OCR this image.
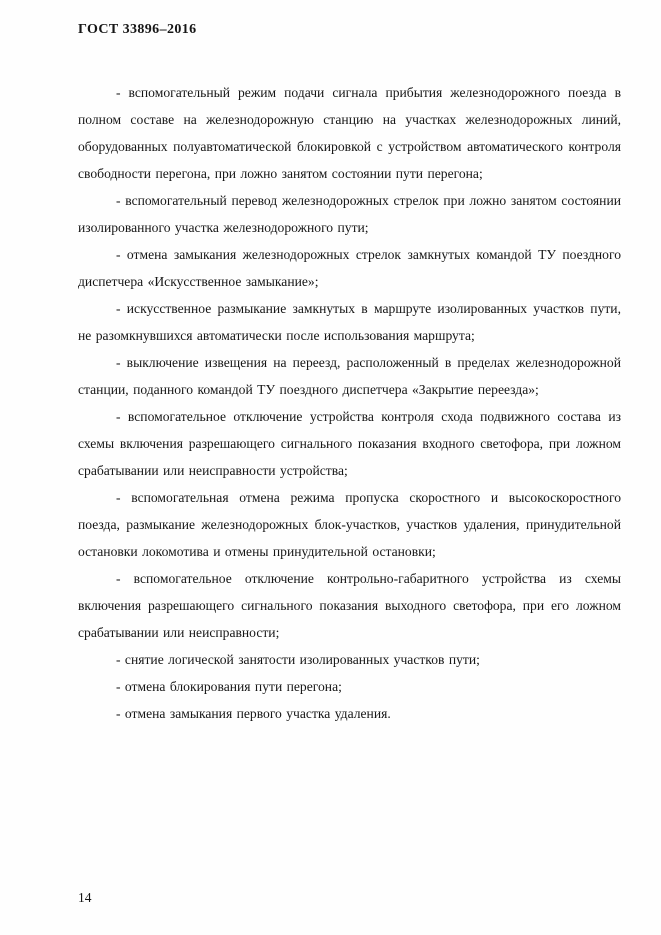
ГОСТ 33896–2016

- вспомогательный режим подачи сигнала прибытия железнодорожного поезда в полном составе на железнодорожную станцию на участках железнодорожных линий, оборудованных полуавтоматической блокировкой с устройством автоматического контроля свободности перегона, при ложно занятом состоянии пути перегона;

- вспомогательный перевод железнодорожных стрелок при ложно занятом состоянии изолированного участка железнодорожного пути;

- отмена замыкания железнодорожных стрелок замкнутых командой ТУ поездного диспетчера «Искусственное замыкание»;

- искусственное размыкание замкнутых в маршруте изолированных участков пути, не разомкнувшихся автоматически после использования маршрута;

- выключение извещения на переезд, расположенный в пределах железнодорожной станции, поданного командой ТУ поездного диспетчера «Закрытие переезда»;

- вспомогательное отключение устройства контроля схода подвижного состава из схемы включения разрешающего сигнального показания входного светофора, при ложном срабатывании или неисправности устройства;

- вспомогательная отмена режима пропуска скоростного и высокоскоростного поезда, размыкание железнодорожных блок-участков, участков удаления, принудительной остановки локомотива и отмены принудительной остановки;

- вспомогательное отключение контрольно-габаритного устройства из схемы включения разрешающего сигнального показания выходного светофора, при его ложном срабатывании или неисправности;

- снятие логической занятости изолированных участков пути;

- отмена блокирования пути перегона;

- отмена замыкания первого участка удаления.

14
